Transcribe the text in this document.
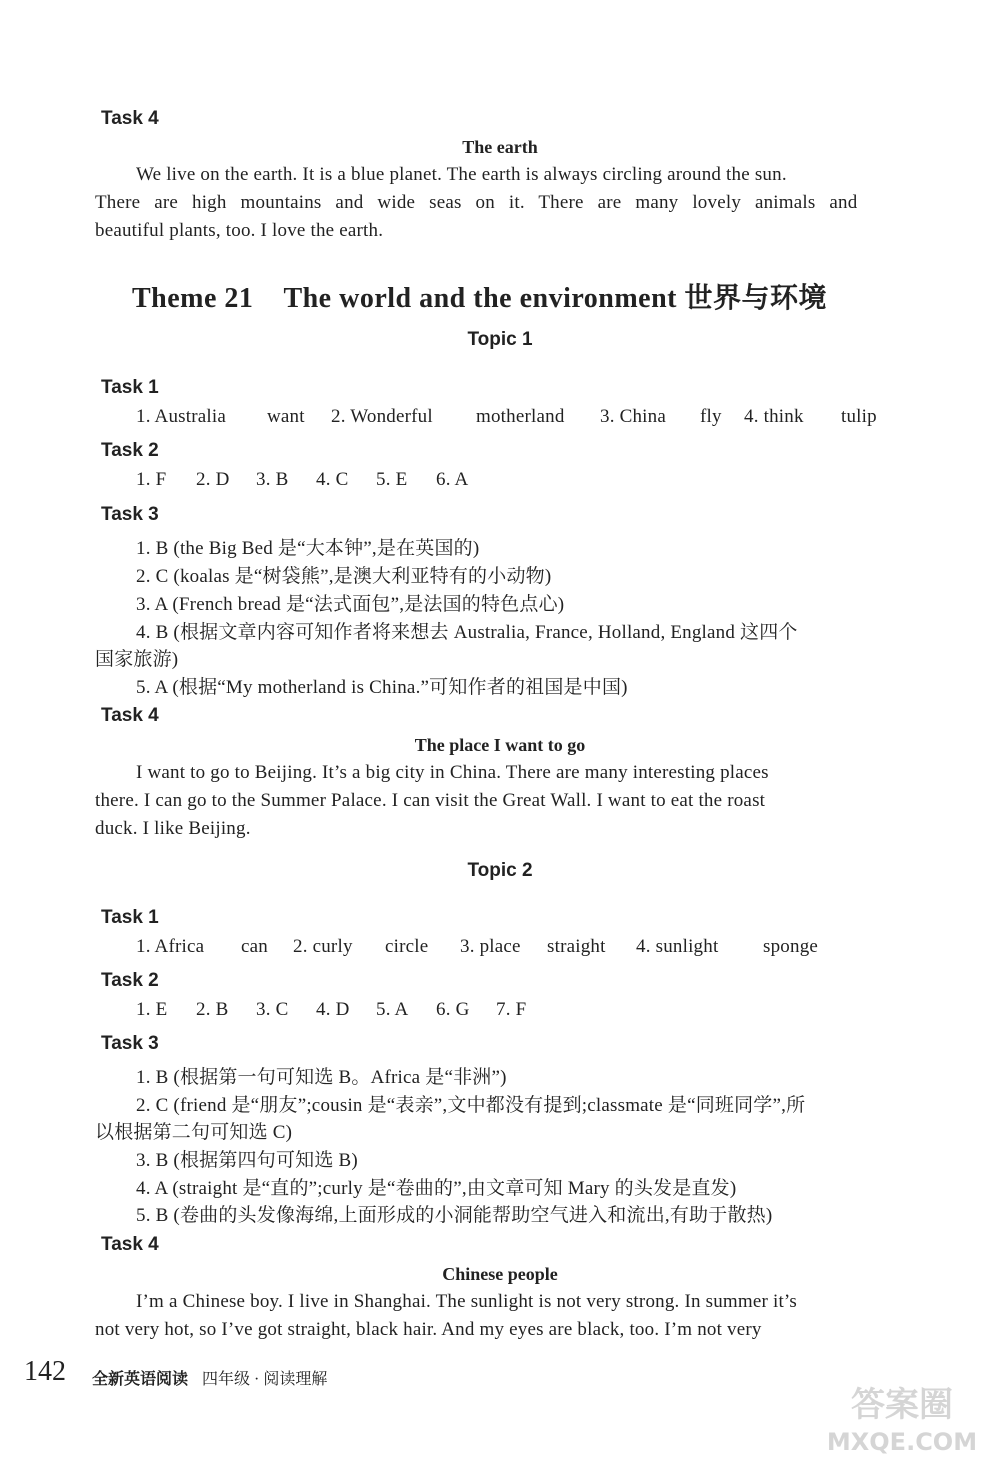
Task 4
The earth
We live on the earth. It is a blue planet. The earth is always circling around the sun.
There are high mountains and wide seas on it. There are many lovely animals and
beautiful plants, too. I love the earth.
Theme 21 The world and the environment 世界与环境
Topic 1
Task 1
1. Australia want 2. Wonderful motherland 3. China fly 4. think tulip
Task 2
1. F 2. D 3. B 4. C 5. E 6. A
Task 3
1. B (the Big Bed 是“大本钟”,是在英国的)
2. C (koalas 是“树袋熊”,是澳大利亚特有的小动物)
3. A (French bread 是“法式面包”,是法国的特色点心)
4. B (根据文章内容可知作者将来想去 Australia, France, Holland, England 这四个
国家旅游)
5. A (根据“My motherland is China.”可知作者的祖国是中国)
Task 4
The place I want to go
I want to go to Beijing. It’s a big city in China. There are many interesting places
there. I can go to the Summer Palace. I can visit the Great Wall. I want to eat the roast
duck. I like Beijing.
Topic 2
Task 1
1. Africa can 2. curly circle 3. place straight 4. sunlight sponge
Task 2
1. E 2. B 3. C 4. D 5. A 6. G 7. F
Task 3
1. B (根据第一句可知选 B。Africa 是“非洲”)
2. C (friend 是“朋友”;cousin 是“表亲”,文中都没有提到;classmate 是“同班同学”,所
以根据第二句可知选 C)
3. B (根据第四句可知选 B)
4. A (straight 是“直的”;curly 是“卷曲的”,由文章可知 Mary 的头发是直发)
5. B (卷曲的头发像海绵,上面形成的小洞能帮助空气进入和流出,有助于散热)
Task 4
Chinese people
I’m a Chinese boy. I live in Shanghai. The sunlight is not very strong. In summer it’s
not very hot, so I’ve got straight, black hair. And my eyes are black, too. I’m not very
142 全新英语阅读 四年级 · 阅读理解
答案圈
MXQE.COM
